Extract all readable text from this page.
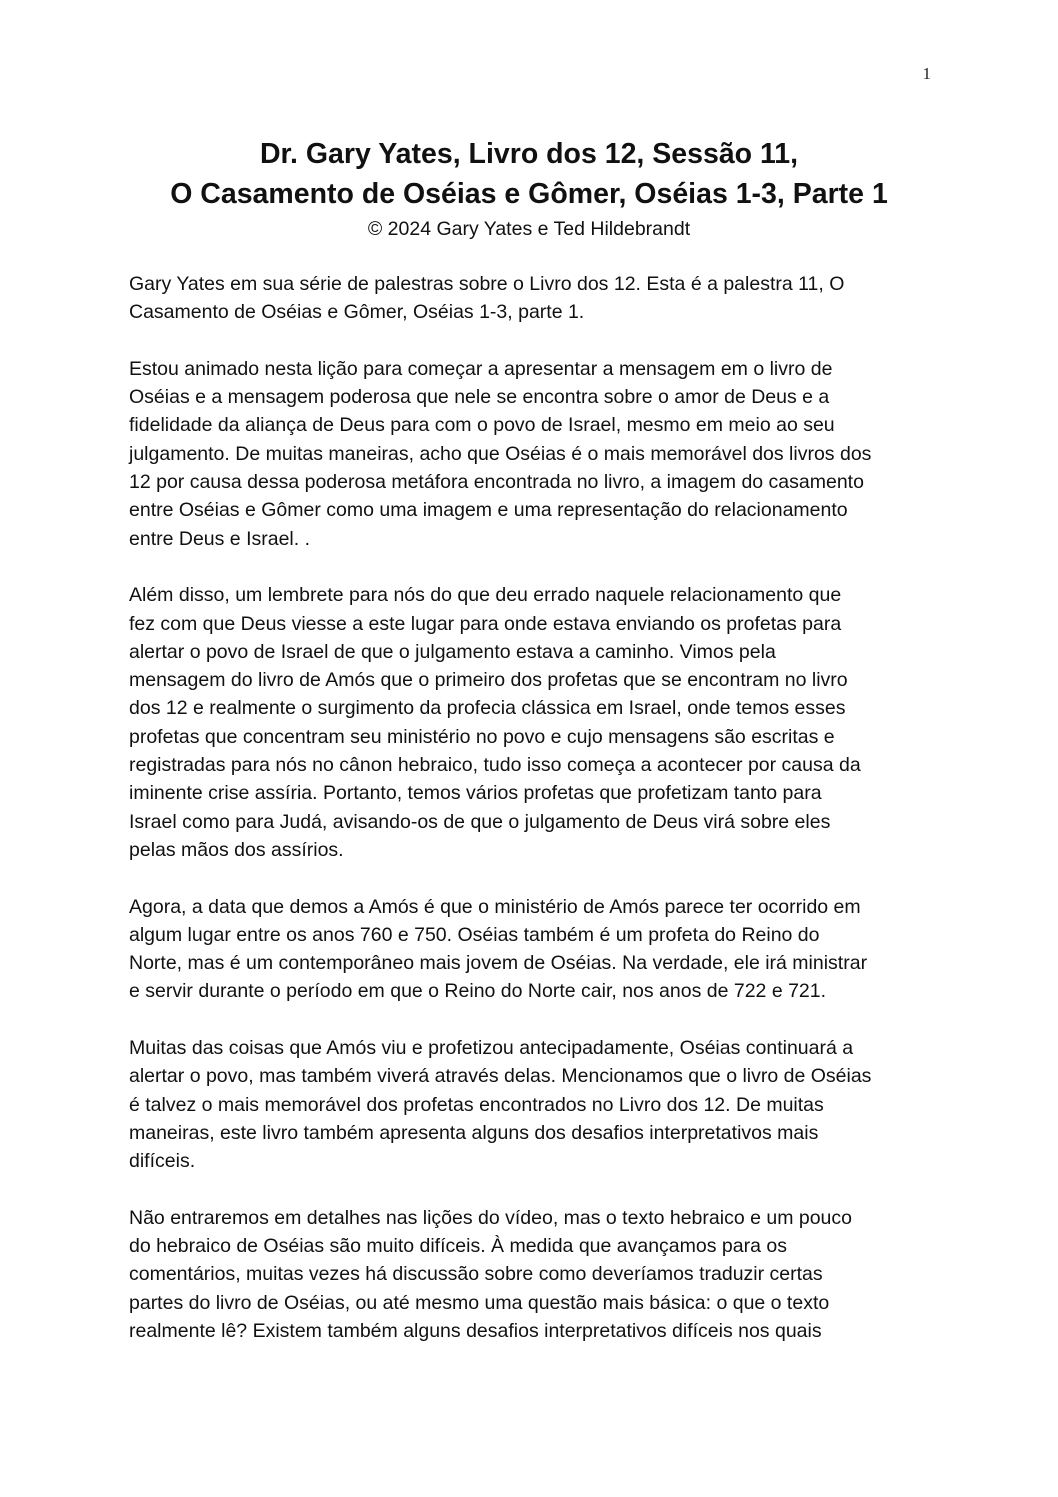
1
Dr. Gary Yates, Livro dos 12, Sessão 11,
O Casamento de Oséias e Gômer, Oséias 1-3, Parte 1
© 2024 Gary Yates e Ted Hildebrandt
Gary Yates em sua série de palestras sobre o Livro dos 12. Esta é a palestra 11, O
Casamento de Oséias e Gômer, Oséias 1-3, parte 1.
Estou animado nesta lição para começar a apresentar a mensagem em o livro de
Oséias e a mensagem poderosa que nele se encontra sobre o amor de Deus e a
fidelidade da aliança de Deus para com o povo de Israel, mesmo em meio ao seu
julgamento. De muitas maneiras, acho que Oséias é o mais memorável dos livros dos
12 por causa dessa poderosa metáfora encontrada no livro, a imagem do casamento
entre Oséias e Gômer como uma imagem e uma representação do relacionamento
entre Deus e Israel. .
Além disso, um lembrete para nós do que deu errado naquele relacionamento que
fez com que Deus viesse a este lugar para onde estava enviando os profetas para
alertar o povo de Israel de que o julgamento estava a caminho. Vimos pela
mensagem do livro de Amós que o primeiro dos profetas que se encontram no livro
dos 12 e realmente o surgimento da profecia clássica em Israel, onde temos esses
profetas que concentram seu ministério no povo e cujo mensagens são escritas e
registradas para nós no cânon hebraico, tudo isso começa a acontecer por causa da
iminente crise assíria. Portanto, temos vários profetas que profetizam tanto para
Israel como para Judá, avisando-os de que o julgamento de Deus virá sobre eles
pelas mãos dos assírios.
Agora, a data que demos a Amós é que o ministério de Amós parece ter ocorrido em
algum lugar entre os anos 760 e 750. Oséias também é um profeta do Reino do
Norte, mas é um contemporâneo mais jovem de Oséias. Na verdade, ele irá ministrar
e servir durante o período em que o Reino do Norte cair, nos anos de 722 e 721.
Muitas das coisas que Amós viu e profetizou antecipadamente, Oséias continuará a
alertar o povo, mas também viverá através delas. Mencionamos que o livro de Oséias
é talvez o mais memorável dos profetas encontrados no Livro dos 12. De muitas
maneiras, este livro também apresenta alguns dos desafios interpretativos mais
difíceis.
Não entraremos em detalhes nas lições do vídeo, mas o texto hebraico e um pouco
do hebraico de Oséias são muito difíceis. À medida que avançamos para os
comentários, muitas vezes há discussão sobre como deveríamos traduzir certas
partes do livro de Oséias, ou até mesmo uma questão mais básica: o que o texto
realmente lê? Existem também alguns desafios interpretativos difíceis nos quais
